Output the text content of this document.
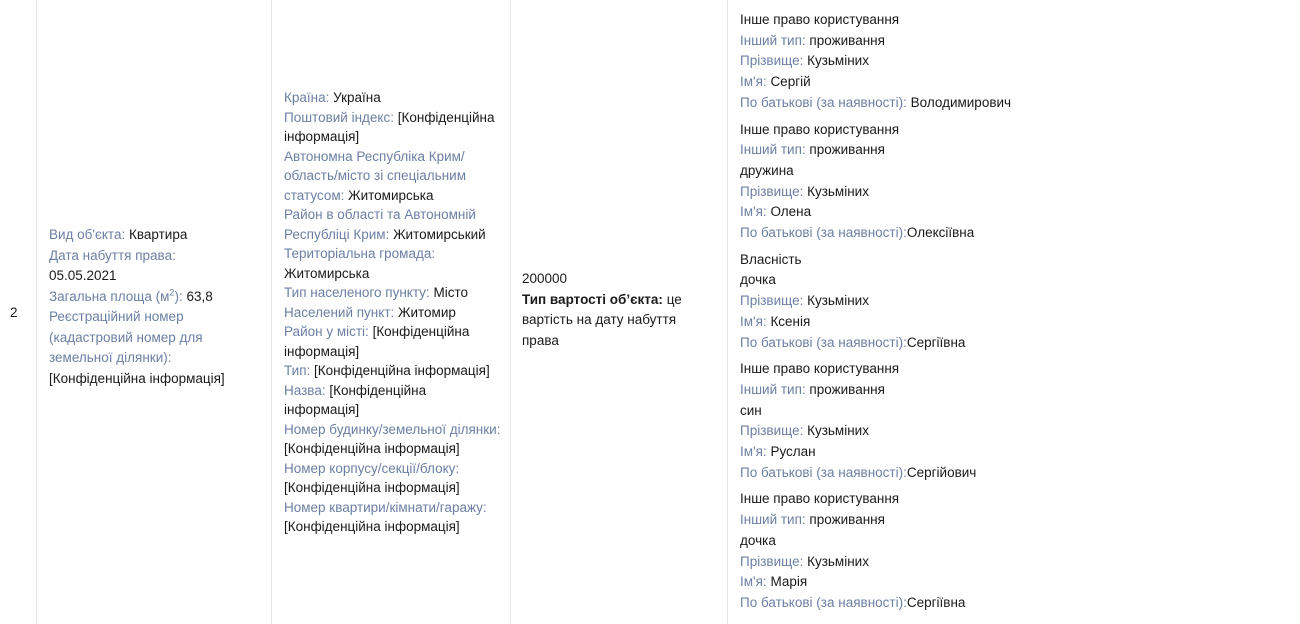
2
Вид об'єкта: Квартира
Дата набуття права:
05.05.2021
Загальна площа $(м^2)$: 63,8
Реєстраційний номер (кадастровий номер для земельної ділянки):
[Конфіденційна інформація]
Країна: Україна
Поштовий індекс: [Конфіденційна інформація]
Автономна Республіка Крим/ область/місто зі спеціальним статусом: Житомирська
Район в області та Автономній Республіці Крим: Житомирський
Територіальна громада:
Житомирська
Тип населеного пункту: Місто
Населений пункт: Житомир
Район у місті: [Конфіденційна інформація]
Тип: [Конфіденційна інформація]
Назва: [Конфіденційна інформація]
Номер будинку/земельної ділянки:
[Конфіденційна інформація]
Номер корпусу/секції/блоку:
[Конфіденційна інформація]
Номер квартири/кімнати/гаражу:
[Конфіденційна інформація]
200000
Тип вартості об’єкта: це вартість на дату набуття права
Інше право користування
Інший тип: проживання
Прізвище: Кузьміних
Ім'я: Сергій
По батькові (за наявності): Володимирович
Інше право користування
Інший тип: проживання
дружина
Прізвище: Кузьміних
Ім'я: Олена
По батькові (за наявності):Олексіївна
Власність
дочка
Прізвище: Кузьміних
Ім'я: Ксенія
По батькові (за наявності):Сергіївна
Інше право користування
Інший тип: проживання
син
Прізвище: Кузьміних
Ім'я: Руслан
По батькові (за наявності):Сергійович
Інше право користування
Інший тип: проживання
дочка
Прізвище: Кузьміних
Ім'я: Марія
По батькові (за наявності):Сергіївна
